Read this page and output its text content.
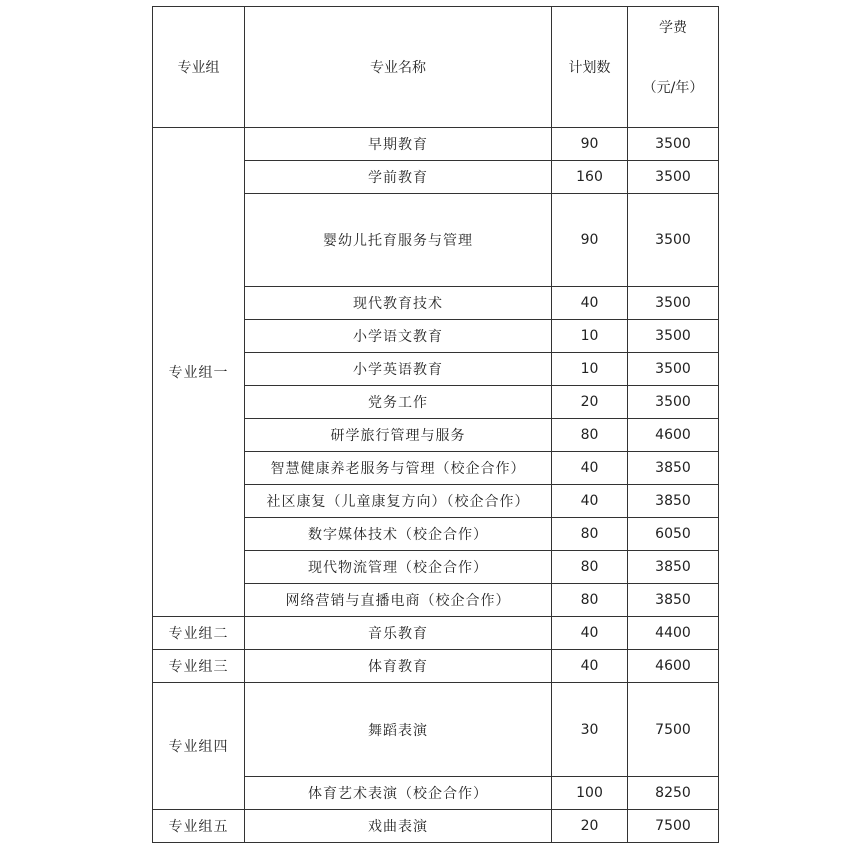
专业组	专业名称	计划数	学费
（元/年）

专业组一	早期教育	90	3500
	学前教育	160	3500
	婴幼儿托育服务与管理	90	3500
	现代教育技术	40	3500
	小学语文教育	10	3500
	小学英语教育	10	3500
	党务工作	20	3500
	研学旅行管理与服务	80	4600
	智慧健康养老服务与管理（校企合作）	40	3850
	社区康复（儿童康复方向）（校企合作）	40	3850
	数字媒体技术（校企合作）	80	6050
	现代物流管理（校企合作）	80	3850
	网络营销与直播电商（校企合作）	80	3850
专业组二	音乐教育	40	4400
专业组三	体育教育	40	4600
专业组四	舞蹈表演	30	7500
	体育艺术表演（校企合作）	100	8250
专业组五	戏曲表演	20	7500
